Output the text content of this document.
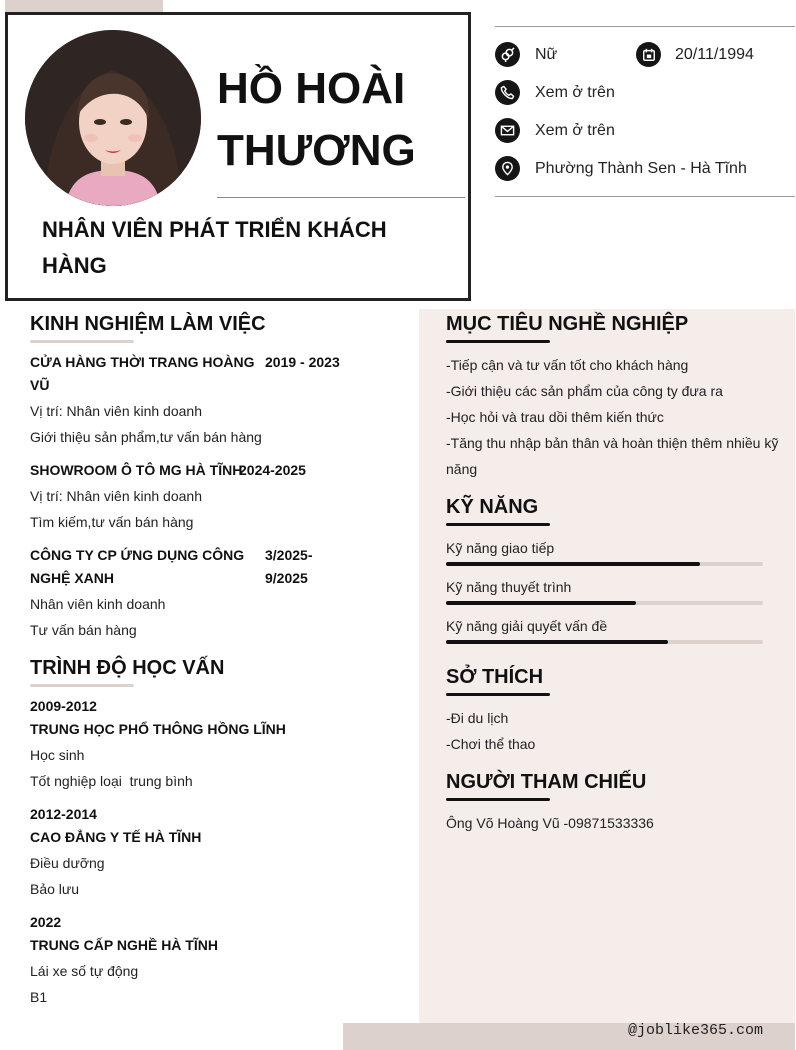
HỒ HOÀI
THƯƠNG
NHÂN VIÊN PHÁT TRIỂN KHÁCH HÀNG
Nữ	20/11/1994
Xem ở trên
Xem ở trên
Phường Thành Sen - Hà Tĩnh
KINH NGHIỆM LÀM VIỆC
CỬA HÀNG THỜI TRANG HOÀNG
VŨ
2019 - 2023
Vị trí: Nhân viên kinh doanh
Giới thiệu sản phẩm,tư vấn bán hàng
SHOWROOM Ô TÔ MG HÀ TĨNH
2024-2025
Vị trí: Nhân viên kinh doanh
Tìm kiếm,tư vấn bán hàng
CÔNG TY CP ỨNG DỤNG CÔNG
NGHỆ XANH
3/2025-
9/2025
Nhân viên kinh doanh
Tư vấn bán hàng
TRÌNH ĐỘ HỌC VẤN
2009-2012
TRUNG HỌC PHỔ THÔNG HỒNG LĨNH
Học sinh
Tốt nghiệp loại  trung bình
2012-2014
CAO ĐẲNG Y TẾ HÀ TĨNH
Điều dưỡng
Bảo lưu
2022
TRUNG CẤP NGHỀ HÀ TĨNH
Lái xe số tự động
B1
MỤC TIÊU NGHỀ NGHIỆP
-Tiếp cận và tư vấn tốt cho khách hàng
-Giới thiệu các sản phẩm của công ty đưa ra
-Học hỏi và trau dồi thêm kiến thức
-Tăng thu nhập bản thân và hoàn thiện thêm nhiều kỹ
năng
KỸ NĂNG
Kỹ năng giao tiếp
Kỹ năng thuyết trình
Kỹ năng giải quyết vấn đề
SỞ THÍCH
-Đi du lịch
-Chơi thể thao
NGƯỜI THAM CHIẾU
Ông Võ Hoàng Vũ -09871533336
@joblike365.com
